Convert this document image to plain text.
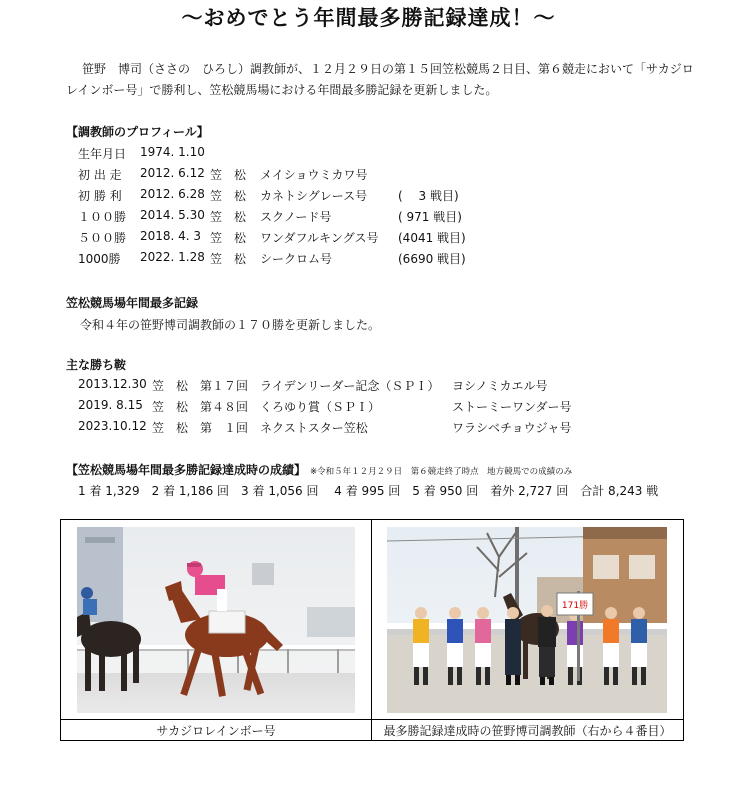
〜おめでとう年間最多勝記録達成！〜
笹野　博司（ささの　ひろし）調教師が、１２月２９日の第１５回笠松競馬２日目、第６競走において「サカジロレインボー号」で勝利し、笠松競馬場における年間最多勝記録を更新しました。
【調教師のプロフィール】
生年月日 1974. 1.10
初 出 走 2012. 6.12 笠　松 メイショウミカワ号
初 勝 利 2012. 6.28 笠　松 カネトシグレース号	(　 3 戦目)
１００勝 2014. 5.30 笠　松 スクノード号	( 971 戦目)
５００勝 2018. 4. 3 笠　松 ワンダフルキングス号 (4041 戦目)
1000勝 2022. 1.28 笠　松 シークロム号	(6690 戦目)
笠松競馬場年間最多記録
令和４年の笹野博司調教師の１７０勝を更新しました。
主な勝ち鞍
2013.12.30 笠　松 第１７回 ライデンリーダー記念（ＳＰＩ） ヨシノミカエル号
2019. 8.15 笠　松 第４８回 くろゆり賞（ＳＰＩ）	ストーミーワンダー号
2023.10.12 笠　松 第　１回 ネクストスター笠松	ワラシベチョウジャ号
【笠松競馬場年間最多勝記録達成時の成績】 ※令和５年１２月２９日　第６競走終了時点　地方競馬での成績のみ
1 着 1,329　2 着 1,186 回　3 着 1,056 回　 4 着 995 回　5 着 950 回　着外 2,727 回　合計 8,243 戦
171勝
サカジロレインボー号	最多勝記録達成時の笹野博司調教師（右から４番目）
